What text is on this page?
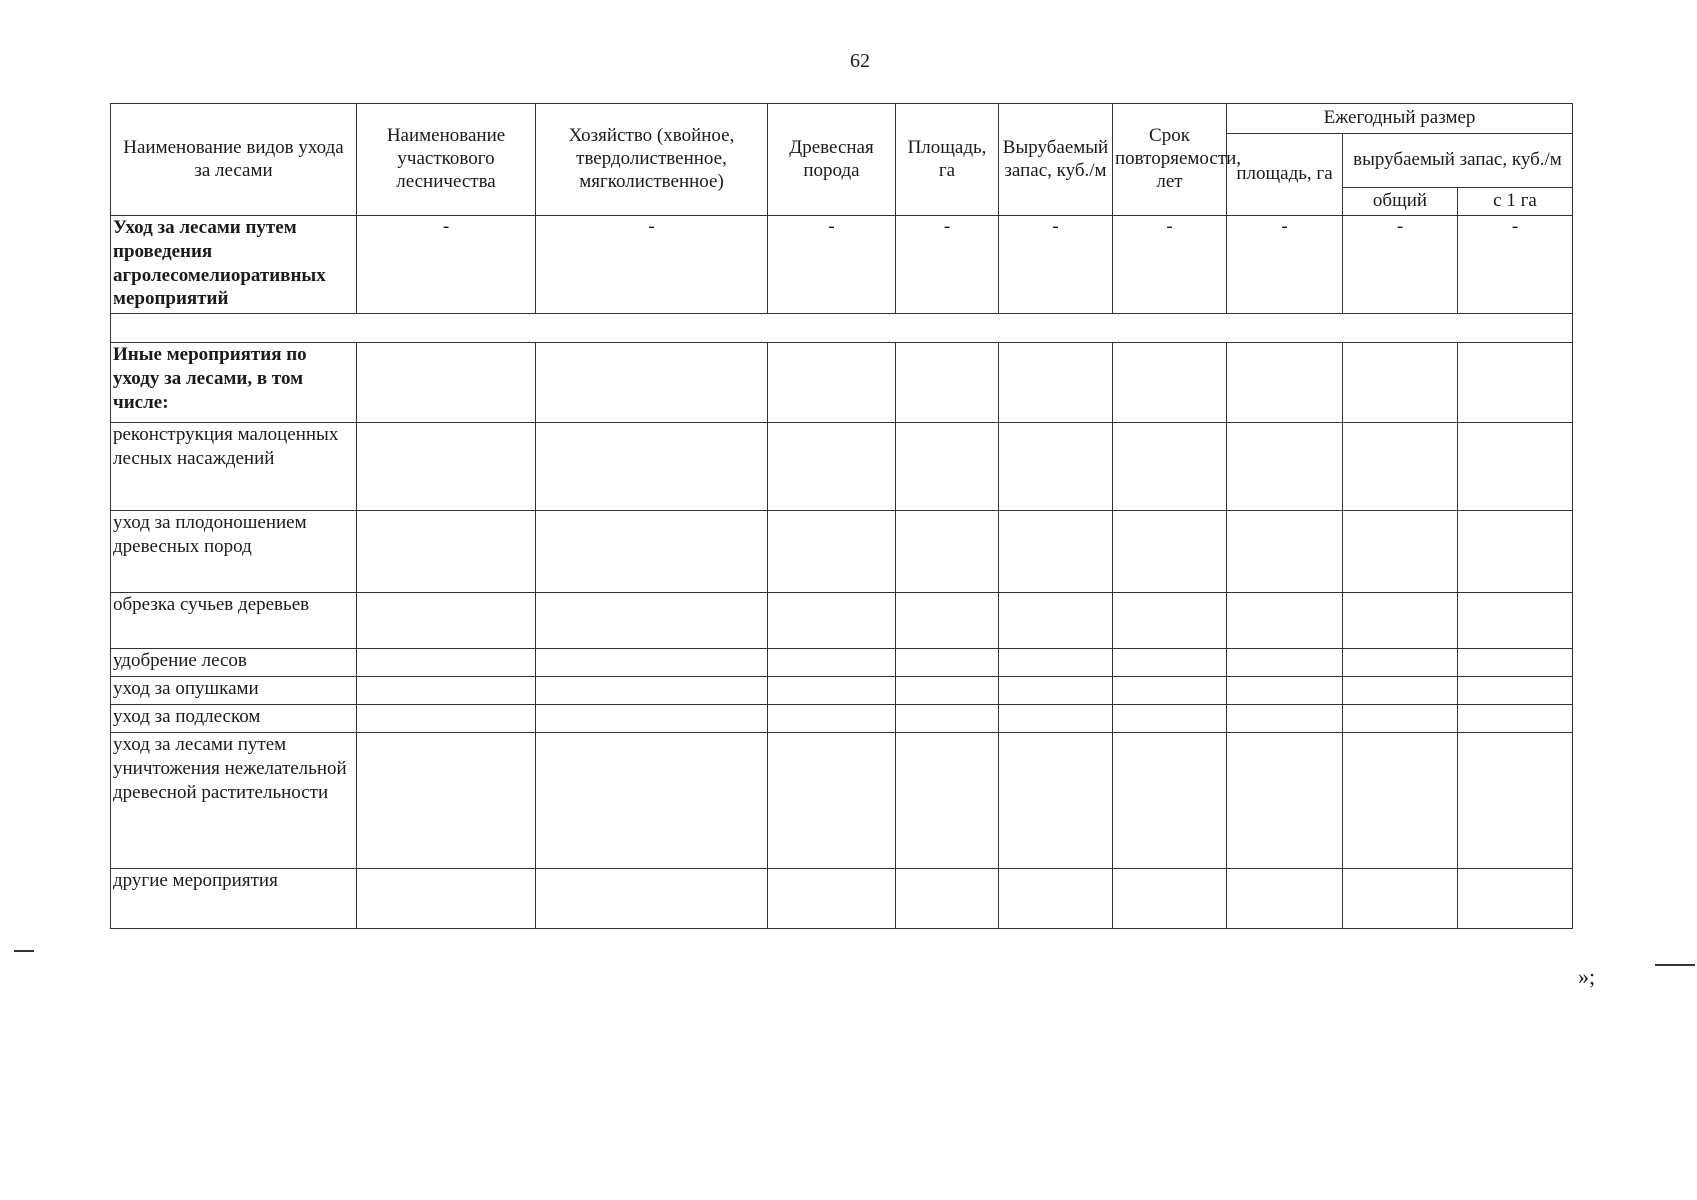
62
Наименование видов ухода за лесами	Наименование участкового лесничества	Хозяйство (хвойное, твердолиственное, мягколиственное)	Древесная порода	Площадь, га	Вырубаемый запас, куб./м	Срок повторяемости, лет	Ежегодный размер		
							площадь, га	вырубаемый запас, куб./м	
								общий	с 1 га
Уход за лесами путем проведения агролесомелиоративных мероприятий	-	-	-	-	-	-	-	-	-

Иные мероприятия по уходу за лесами, в том числе:									
реконструкция малоценных лесных насаждений									
уход за плодоношением древесных пород									
обрезка сучьев деревьев									
удобрение лесов									
уход за опушками									
уход за подлеском									
уход за лесами путем уничтожения нежелательной древесной растительности									
другие мероприятия									
»;
